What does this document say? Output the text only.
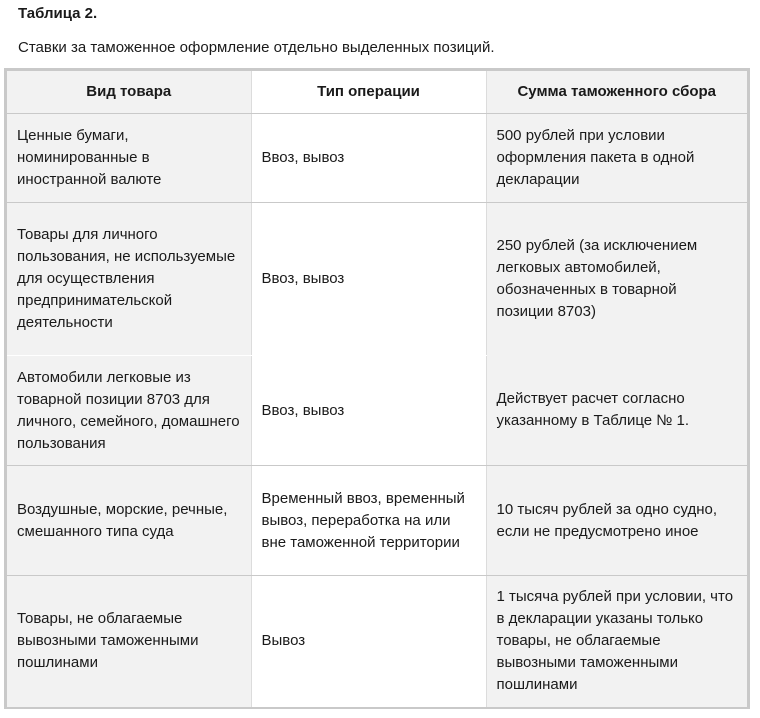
Таблица 2.

Ставки за таможенное оформление отдельно выделенных позиций.

Вид товара	Тип операции	Сумма таможенного сбора

Ценные бумаги, номинированные в иностранной валюте	Ввоз, вывоз	500 рублей при условии оформления пакета в одной декларации

Товары для личного пользования, не используемые для осуществления предпринимательской деятельности	Ввоз, вывоз	250 рублей (за исключением легковых автомобилей, обозначенных в товарной позиции 8703)

Автомобили легковые из товарной позиции 8703 для личного, семейного, домашнего пользования	Ввоз, вывоз	Действует расчет согласно указанному в Таблице № 1.

Воздушные, морские, речные, смешанного типа суда	Временный ввоз, временный вывоз, переработка на или вне таможенной территории	10 тысяч рублей за одно судно, если не предусмотрено иное

Товары, не облагаемые вывозными таможенными пошлинами	Вывоз	1 тысяча рублей при условии, что в декларации указаны только товары, не облагаемые вывозными таможенными пошлинами
